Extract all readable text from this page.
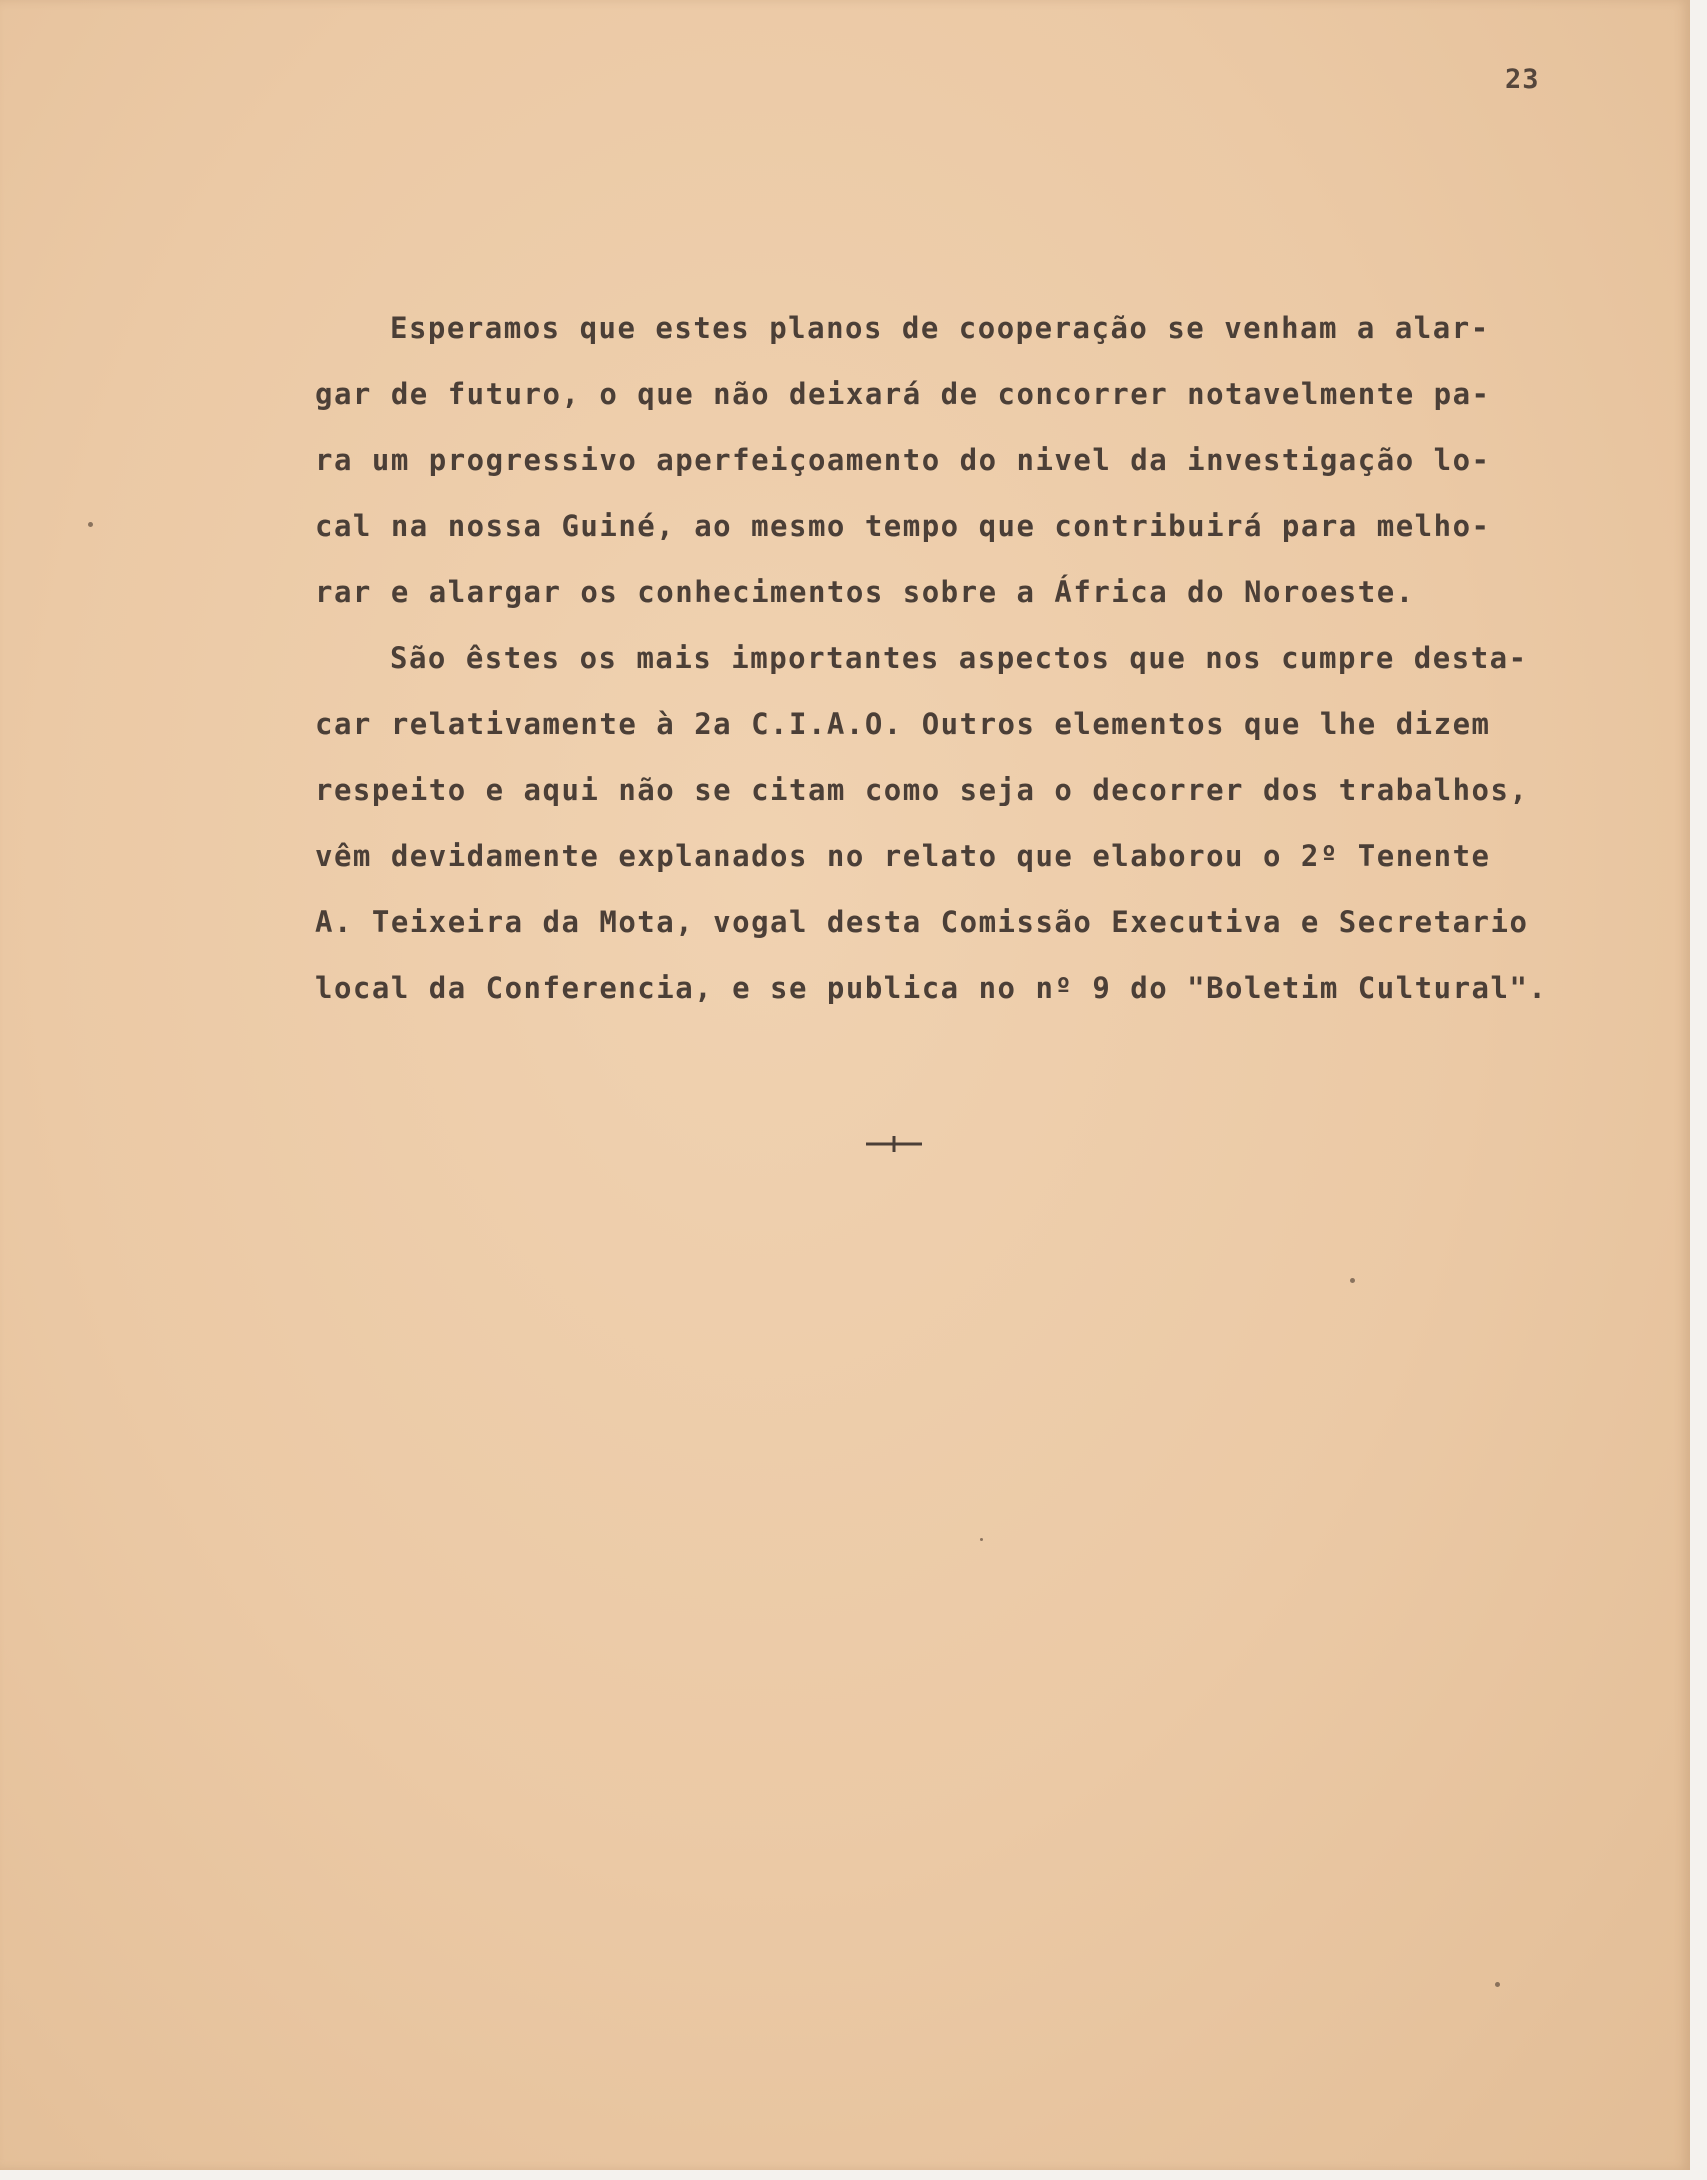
23
Esperamos que estes planos de cooperação se venham a alar-
gar de futuro, o que não deixará de concorrer notavelmente pa-
ra um progressivo aperfeiçoamento do nivel da investigação lo-
cal na nossa Guiné, ao mesmo tempo que contribuirá para melho-
rar e alargar os conhecimentos sobre a África do Noroeste.
São êstes os mais importantes aspectos que nos cumpre desta-
car relativamente à 2a C.I.A.O. Outros elementos que lhe dizem
respeito e aqui não se citam como seja o decorrer dos trabalhos,
vêm devidamente explanados no relato que elaborou o 2º Tenente
A. Teixeira da Mota, vogal desta Comissão Executiva e Secretario
local da Conferencia, e se publica no nº 9 do "Boletim Cultural".
